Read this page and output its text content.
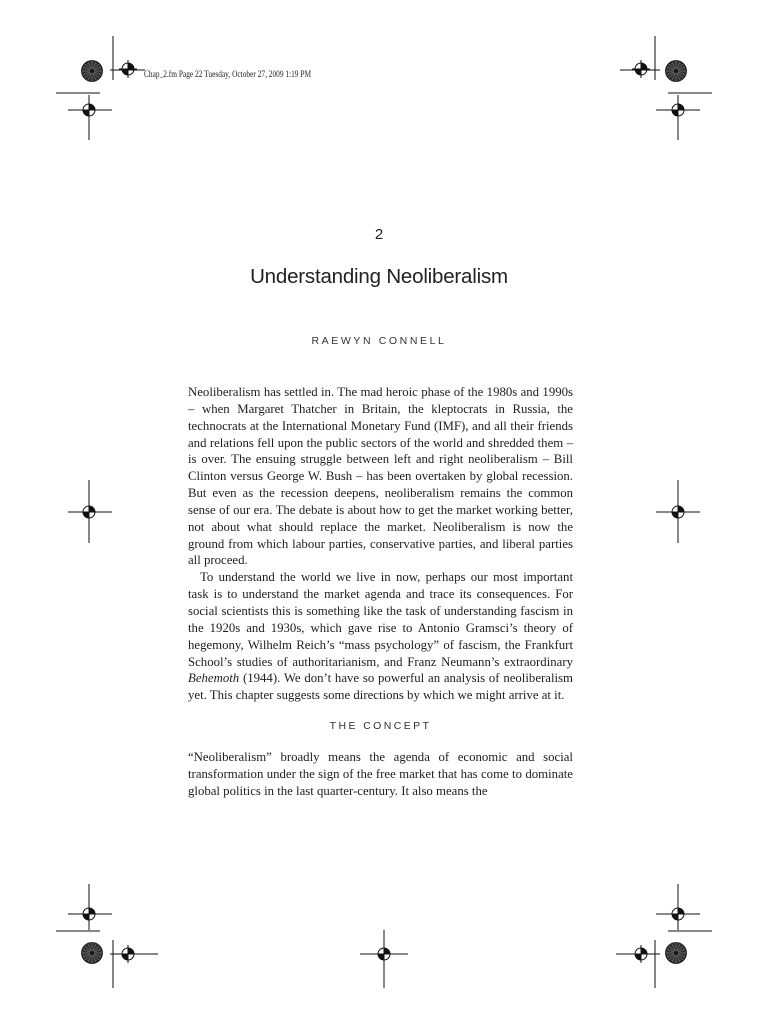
Chap_2.fm Page 22 Tuesday, October 27, 2009 1:19 PM
2
Understanding Neoliberalism
RAEWYN CONNELL

Neoliberalism has settled in. The mad heroic phase of the 1980s and 1990s – when Margaret Thatcher in Britain, the kleptocrats in Russia, the technocrats at the International Monetary Fund (IMF), and all their friends and relations fell upon the public sectors of the world and shredded them – is over. The ensuing struggle between left and right neoliberalism – Bill Clinton versus George W. Bush – has been overtaken by global recession. But even as the recession deepens, neoliberalism remains the common sense of our era. The debate is about how to get the market working better, not about what should replace the market. Neoliberalism is now the ground from which labour parties, conservative parties, and liberal parties all proceed.

To understand the world we live in now, perhaps our most important task is to understand the market agenda and trace its consequences. For social scientists this is something like the task of understanding fascism in the 1920s and 1930s, which gave rise to Antonio Gramsci’s theory of hegemony, Wilhelm Reich’s “mass psychology” of fascism, the Frankfurt School’s studies of authoritarianism, and Franz Neumann’s extraordinary Behemoth (1944). We don’t have so powerful an analysis of neoliberalism yet. This chapter suggests some directions by which we might arrive at it.

THE CONCEPT

“Neoliberalism” broadly means the agenda of economic and social transformation under the sign of the free market that has come to dominate global politics in the last quarter-century. It also means the
